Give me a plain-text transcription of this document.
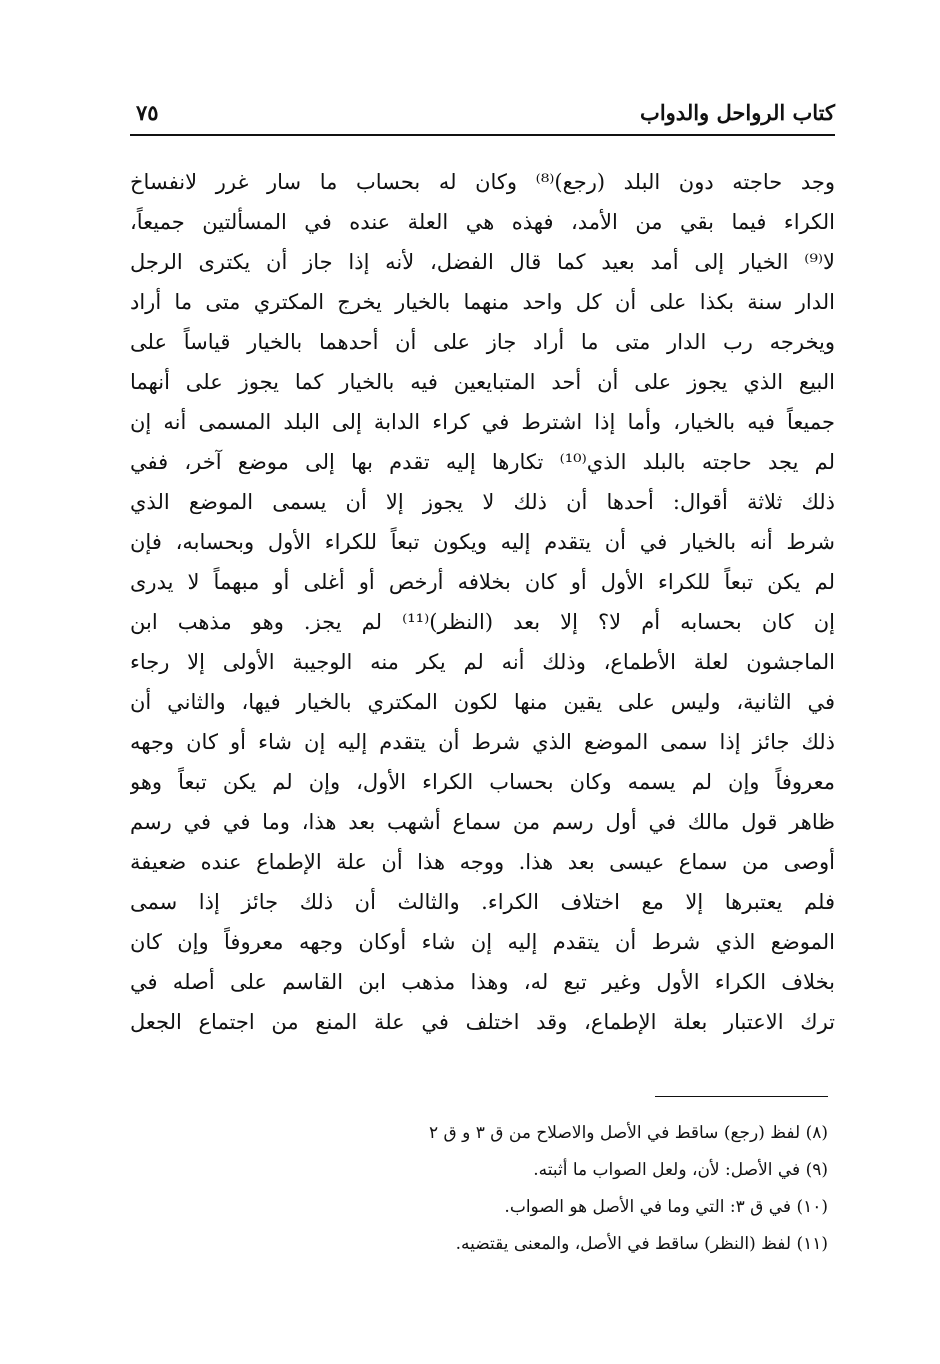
كتاب الرواحل والدواب
٧٥
وجد حاجته دون البلد (رجع)⁽⁸⁾ وكان له بحساب ما سار غرر لانفساخ
الكراء فيما بقي من الأمد، فهذه هي العلة عنده في المسألتين جميعاً،
لا⁽⁹⁾ الخيار إلى أمد بعيد كما قال الفضل، لأنه إذا جاز أن يكترى الرجل
الدار سنة بكذا على أن كل واحد منهما بالخيار يخرج المكتري متى ما أراد
ويخرجه رب الدار متى ما أراد جاز على أن أحدهما بالخيار قياساً على
البيع الذي يجوز على أن أحد المتبايعين فيه بالخيار كما يجوز على أنهما
جميعاً فيه بالخيار، وأما إذا اشترط في كراء الدابة إلى البلد المسمى أنه إن
لم يجد حاجته بالبلد الذي⁽¹⁰⁾ تكارها إليه تقدم بها إلى موضع آخر، ففي
ذلك ثلاثة أقوال: أحدها أن ذلك لا يجوز إلا أن يسمى الموضع الذي
شرط أنه بالخيار في أن يتقدم إليه ويكون تبعاً للكراء الأول وبحسابه، فإن
لم يكن تبعاً للكراء الأول أو كان بخلافه أرخص أو أغلى أو مبهماً لا يدرى
إن كان بحسابه أم لا؟ إلا بعد (النظر)⁽¹¹⁾ لم يجز. وهو مذهب ابن
الماجشون لعلة الأطماع، وذلك أنه لم يكر منه الوجيبة الأولى إلا رجاء
في الثانية، وليس على يقين منها لكون المكتري بالخيار فيها، والثاني أن
ذلك جائز إذا سمى الموضع الذي شرط أن يتقدم إليه إن شاء أو كان وجهه
معروفاً وإن لم يسمه وكان بحساب الكراء الأول، وإن لم يكن تبعاً وهو
ظاهر قول مالك في أول رسم من سماع أشهب بعد هذا، وما في في رسم
أوصى من سماع عيسى بعد هذا. ووجه هذا أن علة الإطماع عنده ضعيفة
فلم يعتبرها إلا مع اختلاف الكراء. والثالث أن ذلك جائز إذا سمى
الموضع الذي شرط أن يتقدم إليه إن شاء أوكان وجهه معروفاً وإن كان
بخلاف الكراء الأول وغير تبع له، وهذا مذهب ابن القاسم على أصله في
ترك الاعتبار بعلة الإطماع، وقد اختلف في علة المنع من اجتماع الجعل
(٨) لفظ (رجع) ساقط في الأصل والاصلاح من ق ٣ و ق ٢
(٩) في الأصل: لأن، ولعل الصواب ما أثبته.
(١٠) في ق ٣: التي وما في الأصل هو الصواب.
(١١) لفظ (النظر) ساقط في الأصل، والمعنى يقتضيه.
